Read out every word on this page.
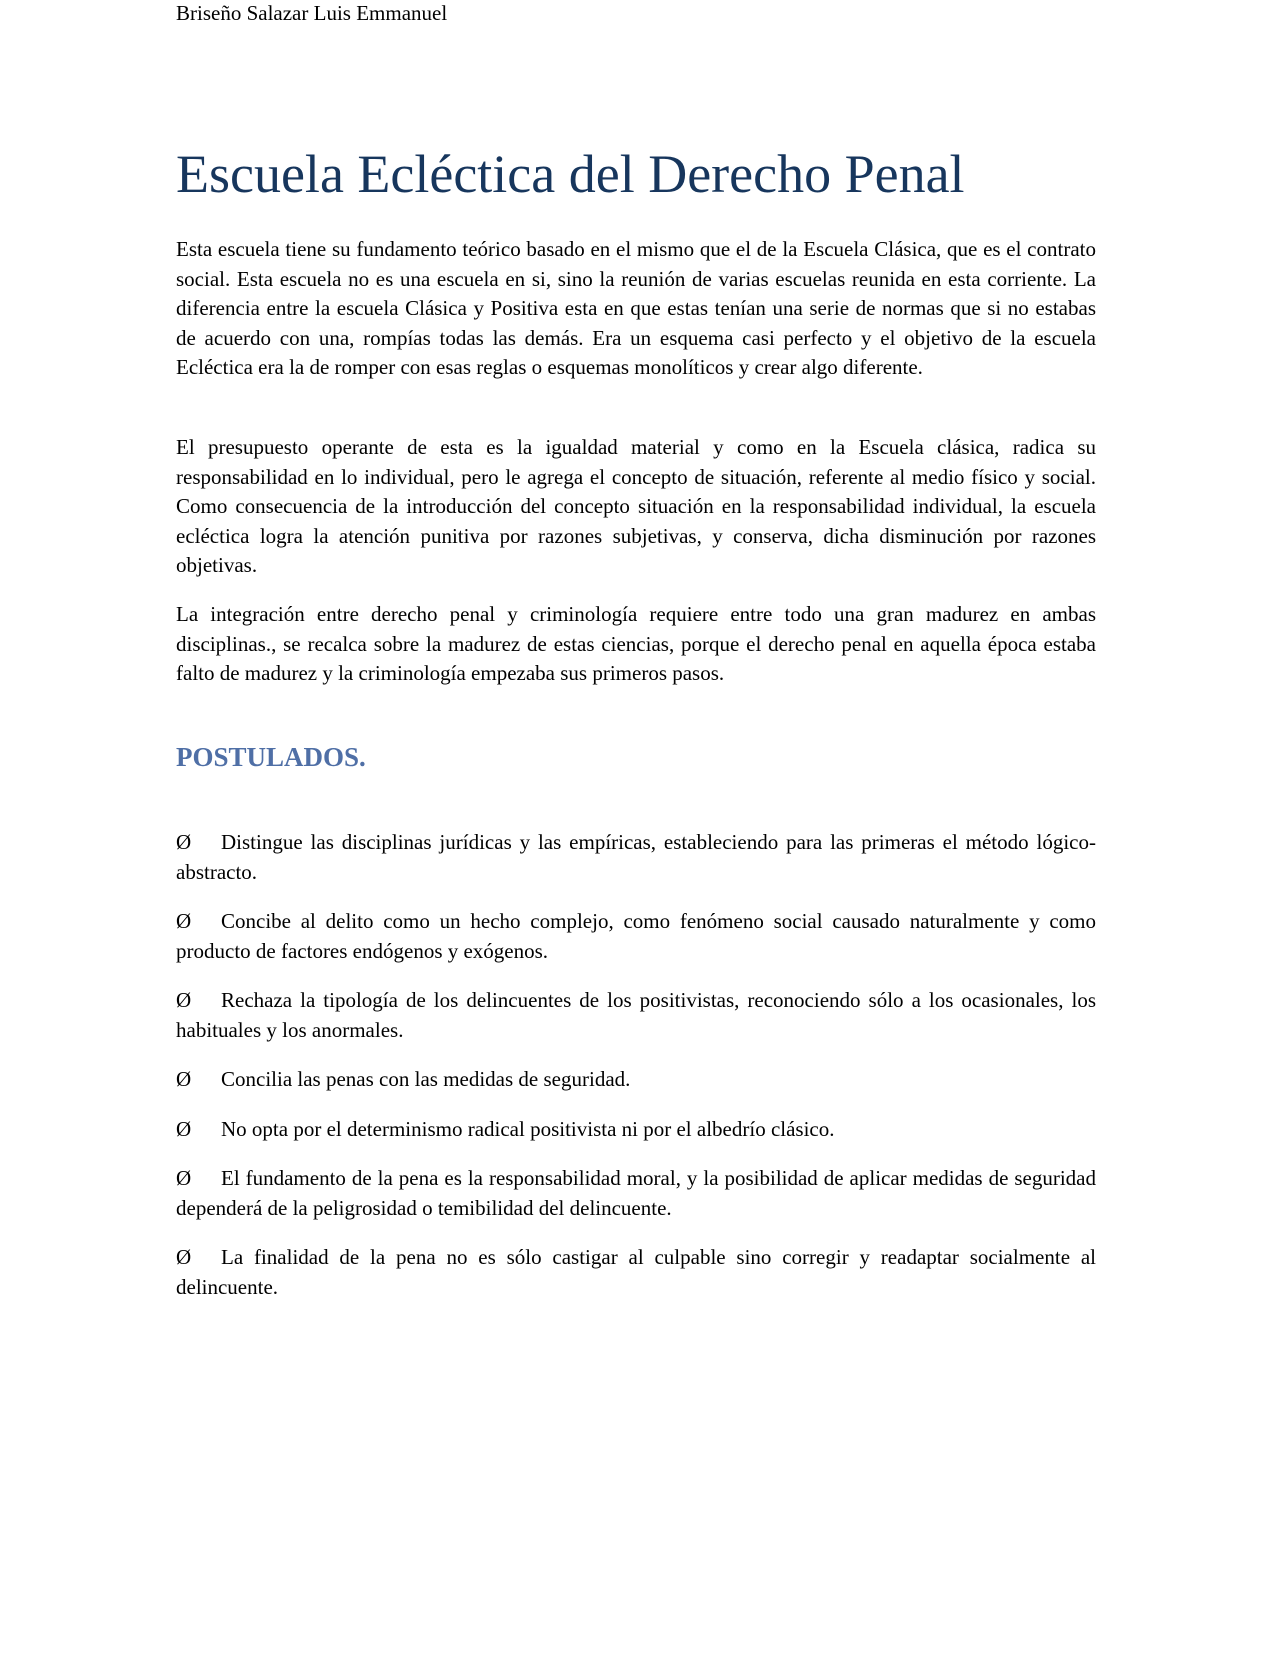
Briseño Salazar Luis Emmanuel
Escuela Ecléctica del Derecho Penal

Esta escuela tiene su fundamento teórico basado en el mismo que el de la Escuela Clásica, que es el contrato social. Esta escuela no es una escuela en si, sino la reunión de varias escuelas reunida en esta corriente. La diferencia entre la escuela Clásica y Positiva esta en que estas tenían una serie de normas que si no estabas de acuerdo con una, rompías todas las demás. Era un esquema casi perfecto y el objetivo de la escuela Ecléctica era la de romper con esas reglas o esquemas monolíticos y crear algo diferente.

El presupuesto operante de esta es la igualdad material y como en la Escuela clásica, radica su responsabilidad en lo individual, pero le agrega el concepto de situación, referente al medio físico y social. Como consecuencia de la introducción del concepto situación en la responsabilidad individual, la escuela ecléctica logra la atención punitiva por razones subjetivas, y conserva, dicha disminución por razones objetivas.

La integración entre derecho penal y criminología requiere entre todo una gran madurez en ambas disciplinas., se recalca sobre la madurez de estas ciencias, porque el derecho penal en aquella época estaba falto de madurez y la criminología empezaba sus primeros pasos.

POSTULADOS.
Ø Distingue las disciplinas jurídicas y las empíricas, estableciendo para las primeras el método lógico-abstracto.
Ø Concibe al delito como un hecho complejo, como fenómeno social causado naturalmente y como producto de factores endógenos y exógenos.
Ø Rechaza la tipología de los delincuentes de los positivistas, reconociendo sólo a los ocasionales, los habituales y los anormales.
Ø Concilia las penas con las medidas de seguridad.
Ø No opta por el determinismo radical positivista ni por el albedrío clásico.
Ø El fundamento de la pena es la responsabilidad moral, y la posibilidad de aplicar medidas de seguridad dependerá de la peligrosidad o temibilidad del delincuente.
Ø La finalidad de la pena no es sólo castigar al culpable sino corregir y readaptar socialmente al delincuente.
